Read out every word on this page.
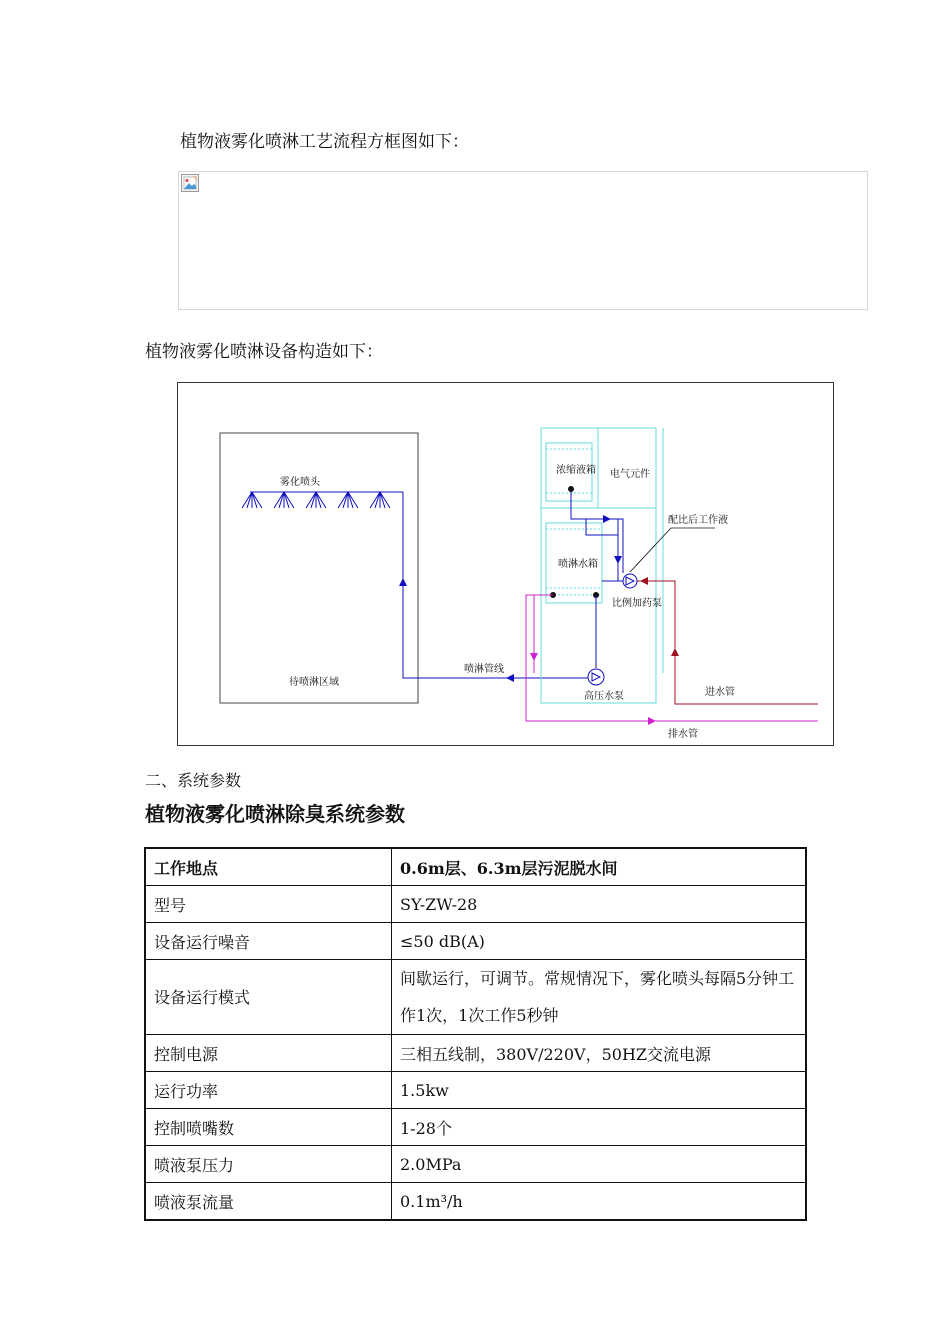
植物液雾化喷淋工艺流程方框图如下：
植物液雾化喷淋设备构造如下：
雾化喷头
待喷淋区域
喷淋管线
浓缩液箱 电气元件
喷淋水箱
比例加药泵
配比后工作液
进水管
高压水泵
排水管
二、系统参数
植物液雾化喷淋除臭系统参数
工作地点	0.6m层、6.3m层污泥脱水间
型号	SY-ZW-28
设备运行噪音	≤50 dB(A)
设备运行模式	间歇运行，可调节。常规情况下，雾化喷头每隔5分钟工作1次，1次工作5秒钟
控制电源	三相五线制，380V/220V，50HZ交流电源
运行功率	1.5kw
控制喷嘴数	1-28个
喷液泵压力	2.0MPa
喷液泵流量	0.1m³/h
